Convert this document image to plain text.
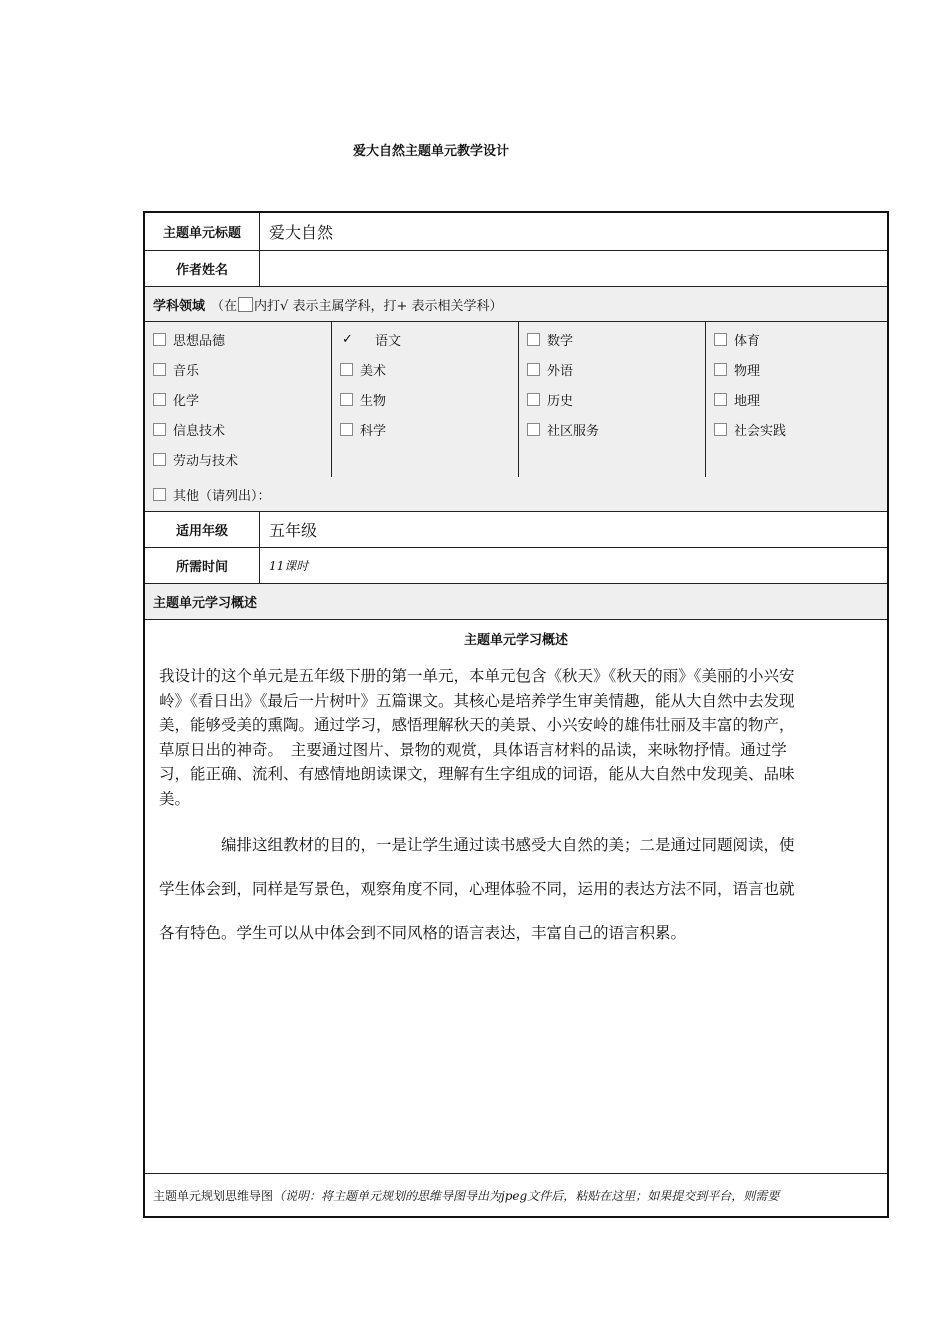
爱大自然主题单元教学设计
主题单元标题	爱大自然
作者姓名
学科领域 （在 内打√ 表示主属学科，打+ 表示相关学科）
思想品德
音乐
化学
信息技术
劳动与技术
✓ 语文
美术
生物
科学
数学
外语
历史
社区服务
体育
物理
地理
社会实践
其他（请列出）：
适用年级	五年级
所需时间	11课时
主题单元学习概述
主题单元学习概述
我设计的这个单元是五年级下册的第一单元，本单元包含《秋天》《秋天的雨》《美丽的小兴安岭》《看日出》《最后一片树叶》五篇课文。其核心是培养学生审美情趣，能从大自然中去发现美，能够受美的熏陶。通过学习，感悟理解秋天的美景、小兴安岭的雄伟壮丽及丰富的物产，草原日出的神奇。　主要通过图片、景物的观赏，具体语言材料的品读，来咏物抒情。通过学习，能正确、流利、有感情地朗读课文，理解有生字组成的词语，能从大自然中发现美、品味美。
编排这组教材的目的，一是让学生通过读书感受大自然的美；二是通过同题阅读，使学生体会到，同样是写景色，观察角度不同，心理体验不同，运用的表达方法不同，语言也就各有特色。学生可以从中体会到不同风格的语言表达，丰富自己的语言积累。
主题单元规划思维导图 （说明：将主题单元规划的思维导图导出为jpeg文件后，粘贴在这里；如果提交到平台，则需要
